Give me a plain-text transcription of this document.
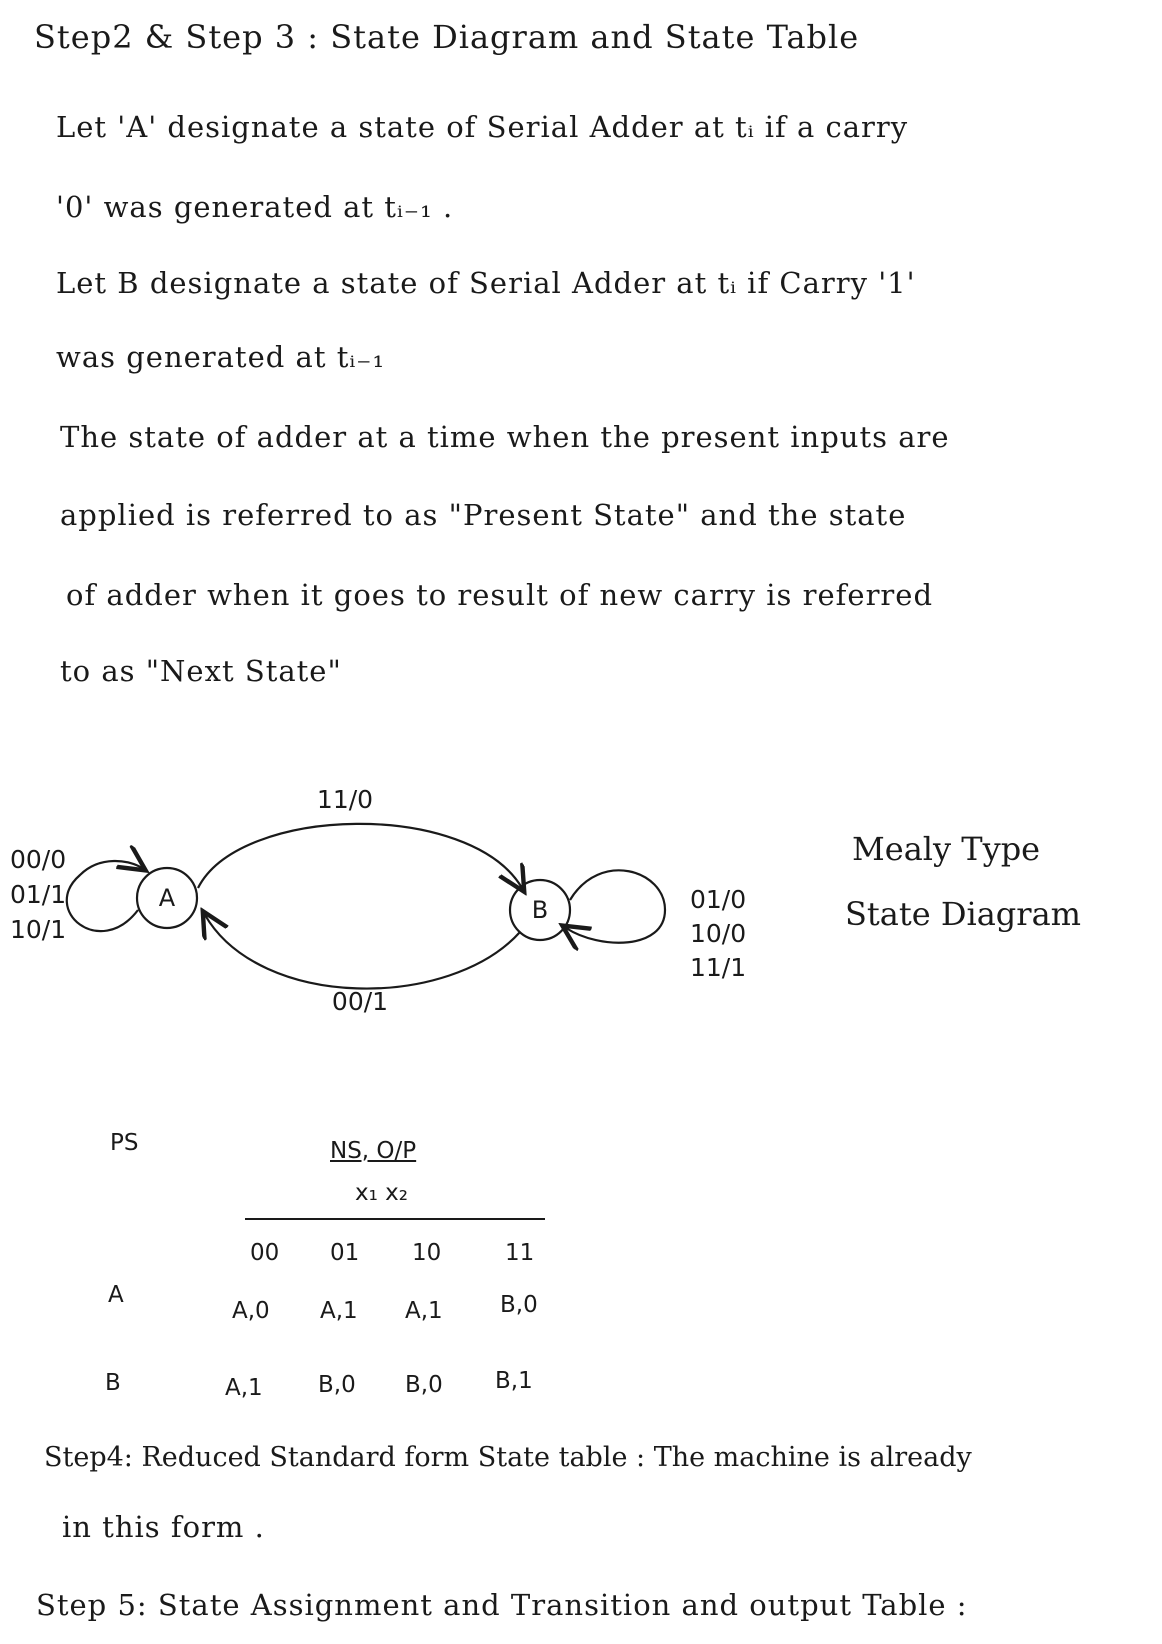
Step2 & Step 3 : State Diagram and State Table
Let 'A' designate a state of Serial Adder at tᵢ if a carry
'0' was generated at tᵢ₋₁ .
Let B designate a state of Serial Adder at tᵢ if Carry '1'
was generated at tᵢ₋₁
The state of adder at a time when the present inputs are
applied is referred to as "Present State" and the state
of adder when it goes to result of new carry is referred
to as "Next State"
A	B
11/0
00/1
00/0
01/1
10/1
01/0
10/0
11/1
Mealy Type
State Diagram
PS	NS, O/P
x₁ x₂
00 01 10	11
A
A,0 A,1 A,1 B,0
B	A,1 B,0 B,0 B,1
Step4: Reduced Standard form State table : The machine is already
in this form .
Step 5: State Assignment and Transition and output Table :
